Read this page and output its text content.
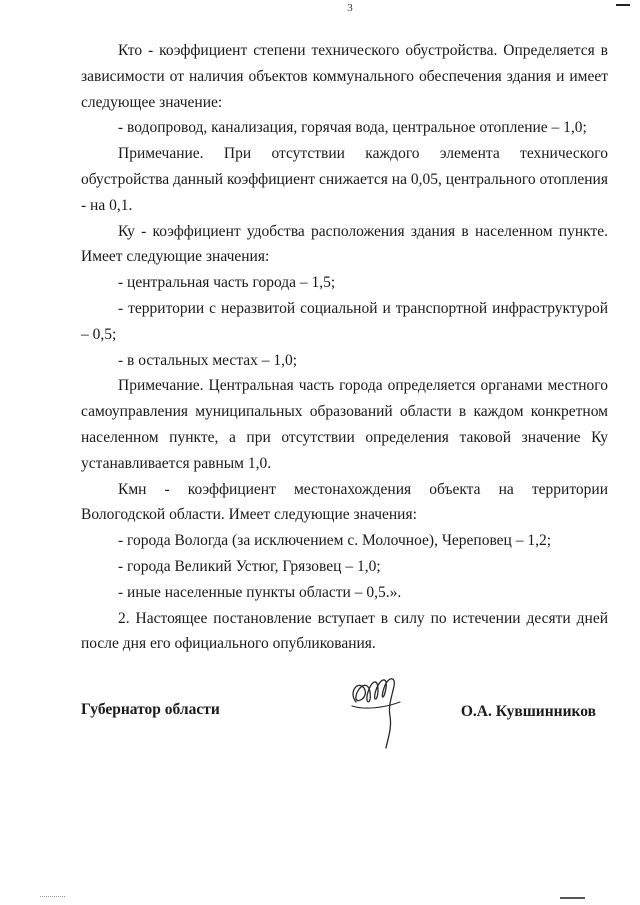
3

Кто - коэффициент степени технического обустройства. Определяется в зависимости от наличия объектов коммунального обеспечения здания и имеет следующее значение:

- водопровод, канализация, горячая вода, центральное отопление – 1,0;

Примечание. При отсутствии каждого элемента технического обустройства данный коэффициент снижается на 0,05, центрального отопления - на 0,1.

Ку - коэффициент удобства расположения здания в населенном пункте. Имеет следующие значения:

- центральная часть города – 1,5;

- территории с неразвитой социальной и транспортной инфраструктурой – 0,5;

- в остальных местах – 1,0;

Примечание. Центральная часть города определяется органами местного самоуправления муниципальных образований области в каждом конкретном населенном пункте, а при отсутствии определения таковой значение Ку устанавливается равным 1,0.

Кмн - коэффициент местонахождения объекта на территории Вологодской области. Имеет следующие значения:

- города Вологда (за исключением с. Молочное), Череповец – 1,2;

- города Великий Устюг, Грязовец – 1,0;

- иные населенные пункты области – 0,5.».

2. Настоящее постановление вступает в силу по истечении десяти дней после дня его официального опубликования.

Губернатор области	О.А. Кувшинников
